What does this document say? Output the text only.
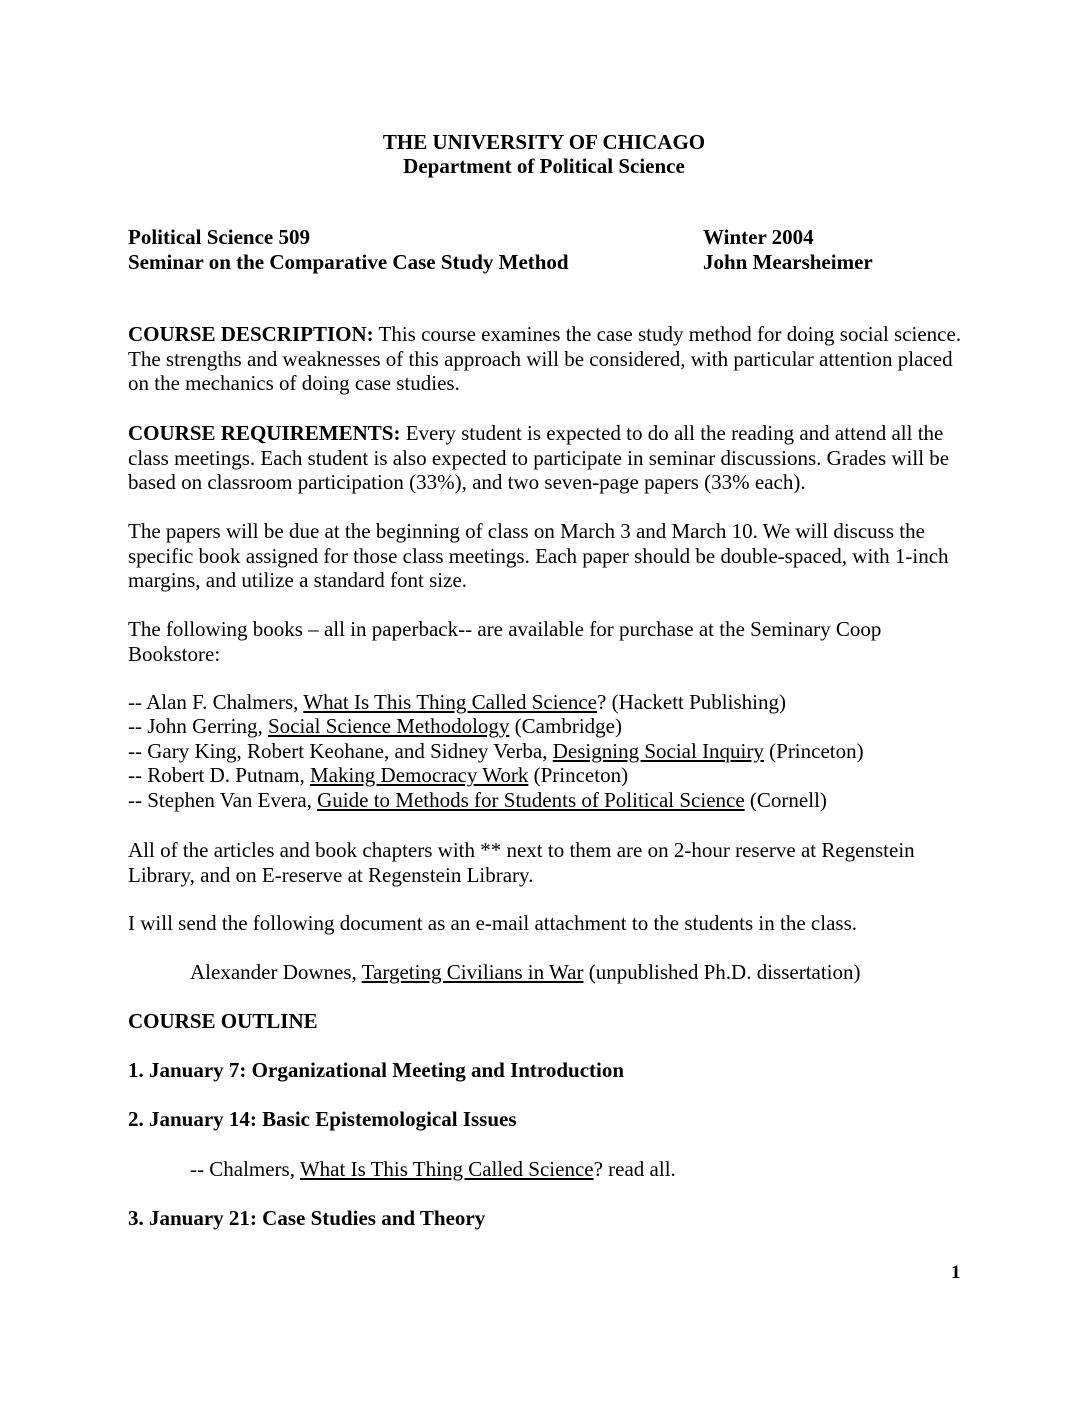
THE UNIVERSITY OF CHICAGO
Department of Political Science
Political Science 509	Winter 2004
Seminar on the Comparative Case Study Method	John Mearsheimer
COURSE DESCRIPTION: This course examines the case study method for doing social science. The strengths and weaknesses of this approach will be considered, with particular attention placed on the mechanics of doing case studies.
COURSE REQUIREMENTS: Every student is expected to do all the reading and attend all the class meetings. Each student is also expected to participate in seminar discussions. Grades will be based on classroom participation (33%), and two seven-page papers (33% each).
The papers will be due at the beginning of class on March 3 and March 10. We will discuss the specific book assigned for those class meetings. Each paper should be double-spaced, with 1-inch margins, and utilize a standard font size.
The following books – all in paperback-- are available for purchase at the Seminary Coop Bookstore:
-- Alan F. Chalmers, What Is This Thing Called Science? (Hackett Publishing)
-- John Gerring, Social Science Methodology (Cambridge)
-- Gary King, Robert Keohane, and Sidney Verba, Designing Social Inquiry (Princeton)
-- Robert D. Putnam, Making Democracy Work (Princeton)
-- Stephen Van Evera, Guide to Methods for Students of Political Science (Cornell)
All of the articles and book chapters with ** next to them are on 2-hour reserve at Regenstein Library, and on E-reserve at Regenstein Library.
I will send the following document as an e-mail attachment to the students in the class.
Alexander Downes, Targeting Civilians in War (unpublished Ph.D. dissertation)
COURSE OUTLINE
1. January 7: Organizational Meeting and Introduction
2. January 14: Basic Epistemological Issues
-- Chalmers, What Is This Thing Called Science? read all.
3. January 21: Case Studies and Theory
1
